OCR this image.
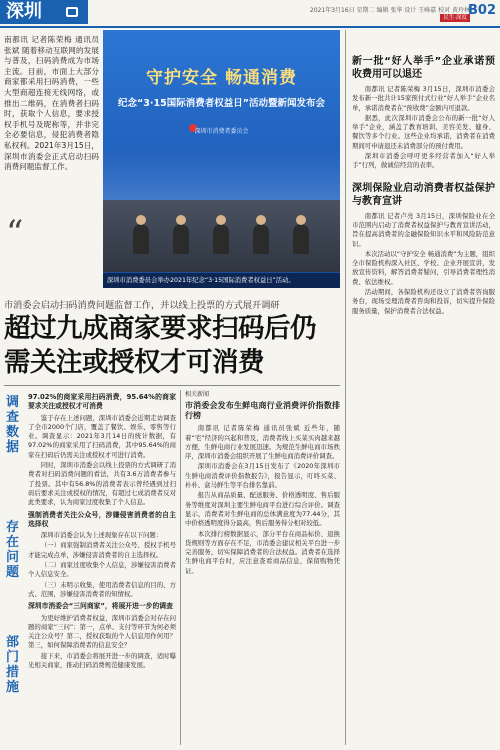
深圳	2021年3月16日 星期二 编辑 张华 设计 王峰嘉 校对 黄玲林
民生·深度 B02
南都讯 记者陈荣梅 通讯员张斌 随着移动互联网的发展与普及，扫码消费成为市场主流。目前，市面上大部分商家都采用扫码消费，一些大型商超连接无线网络，或推出二维码，在消费者扫码时，获取个人信息，要求授权手机号及昵称等，并非完全必要信息，侵犯消费者隐私权利。2021年3月15日，深圳市消委会正式启动扫码消费问题监督工作。
“
守护安全 畅通消费
纪念“3·15国际消费者权益日”活动暨新闻发布会
深圳市消费者委员会
深圳市消费委员会举办2021年纪念“3·15国际消费者权益日”活动。
市消委会启动扫码消费问题监督工作，并以线上投票的方式展开调研
超过九成商家要求扫码后仍需关注或授权才可消费
调查数据
存在问题
部门措施

97.02%的商家采用扫码消费，95.64%的商家要求关注或授权才可消费

鉴于存在上述问题，深圳市消委会近期走访调查了全市2000个门店，覆盖了餐饮、娱乐、零售等行业。调查显示：2021年3月14日的统计数据，有97.02%的商家采用了扫码消费，其中95.64%的商家在扫码后仍需关注或授权才可进行消费。

同时，深圳市消委会以线上投票的方式调研了消费者对扫码消费问题的看法，共有3.6万消费者参与了投票。其中有56.8%的消费者表示曾经遇到过扫码后要求关注或授权的情况，有超过七成消费者反对此类要求，认为商家过度收集了个人信息。

强制消费者关注公众号，涉嫌侵害消费者的自主选择权

深圳市消委会认为上述现象存在以下问题：

（一）商家强制消费者关注公众号、授权手机号才能完成点单，涉嫌侵害消费者的自主选择权。

（二）商家过度收集个人信息，涉嫌侵害消费者个人信息安全。

（三）未明示收集、使用消费者信息的目的、方式、范围，涉嫌侵害消费者的知情权。

深圳市消委会“三问商家”，将展开进一步的调查

为更好维护消费者权益，深圳市消委会对存在问题的商家“三问”：第一，点单、支付等环节为何必须关注公众号？第二，授权获取的个人信息用作何用？第三，如何保障消费者的信息安全？

接下来，市消委会将展开进一步的调查，适时曝光相关商家，推动扫码消费规范健康发展。

相关新闻

市消委会发布生鲜电商行业消费评价指数排行榜

南都讯 记者陈荣梅 通讯员张斌 近些年，随着“宅”经济的兴起和普及，消费者线上买菜买肉越来越方便，生鲜电商行业发展迅速。为规范生鲜电商市场秩序，深圳市消委会组织开展了生鲜电商消费评价调查。

深圳市消委会在3月15日发布了《2020年深圳市生鲜电商消费评价指数报告》，报告显示，叮咚买菜、朴朴、盒马鲜生等平台排名靠前。

报告从商品质量、配送服务、价格透明度、售后服务等维度对深圳主要生鲜电商平台进行综合评价。调查显示，消费者对生鲜电商的总体满意度为77.44分，其中价格透明度得分最高，售后服务得分相对较低。

本次排行榜数据显示，部分平台在商品标价、退换货规则等方面存在不足，市消委会建议相关平台进一步完善服务，切实保障消费者的合法权益。消费者在选择生鲜电商平台时，应注意查看商品信息，保留购物凭证。

新一批“好人举手”企业承诺预收费用可以退还

南都讯 记者陈荣梅 3月15日，深圳市消委会发布新一批共计15家预付式行业“好人举手”企业名单，承诺消费者在“预收费”金额内可退款。

据悉，此次深圳市消委会公布的新一批“好人举手”企业，涵盖了教育培训、美容美发、健身、餐饮等多个行业。这些企业均承诺，消费者在消费期间可申请退还未消费部分的预付费用。

深圳市消委会呼吁更多经营者加入“好人举手”行列，做诚信经营的表率。

深圳保险业启动消费者权益保护与教育宣讲

南都讯 记者卢亮 3月15日，深圳保险业在全市范围内启动了消费者权益保护与教育宣讲活动，旨在提高消费者的金融保险知识水平和风险防范意识。

本次活动以“守护安全 畅通消费”为主题，组织全市保险机构深入社区、学校、企业开展宣讲，发放宣传资料，解答消费者疑问，引导消费者理性消费、依法维权。

活动期间，各保险机构还设立了消费者咨询服务台，现场受理消费者咨询和投诉，切实提升保险服务质量，保护消费者合法权益。
